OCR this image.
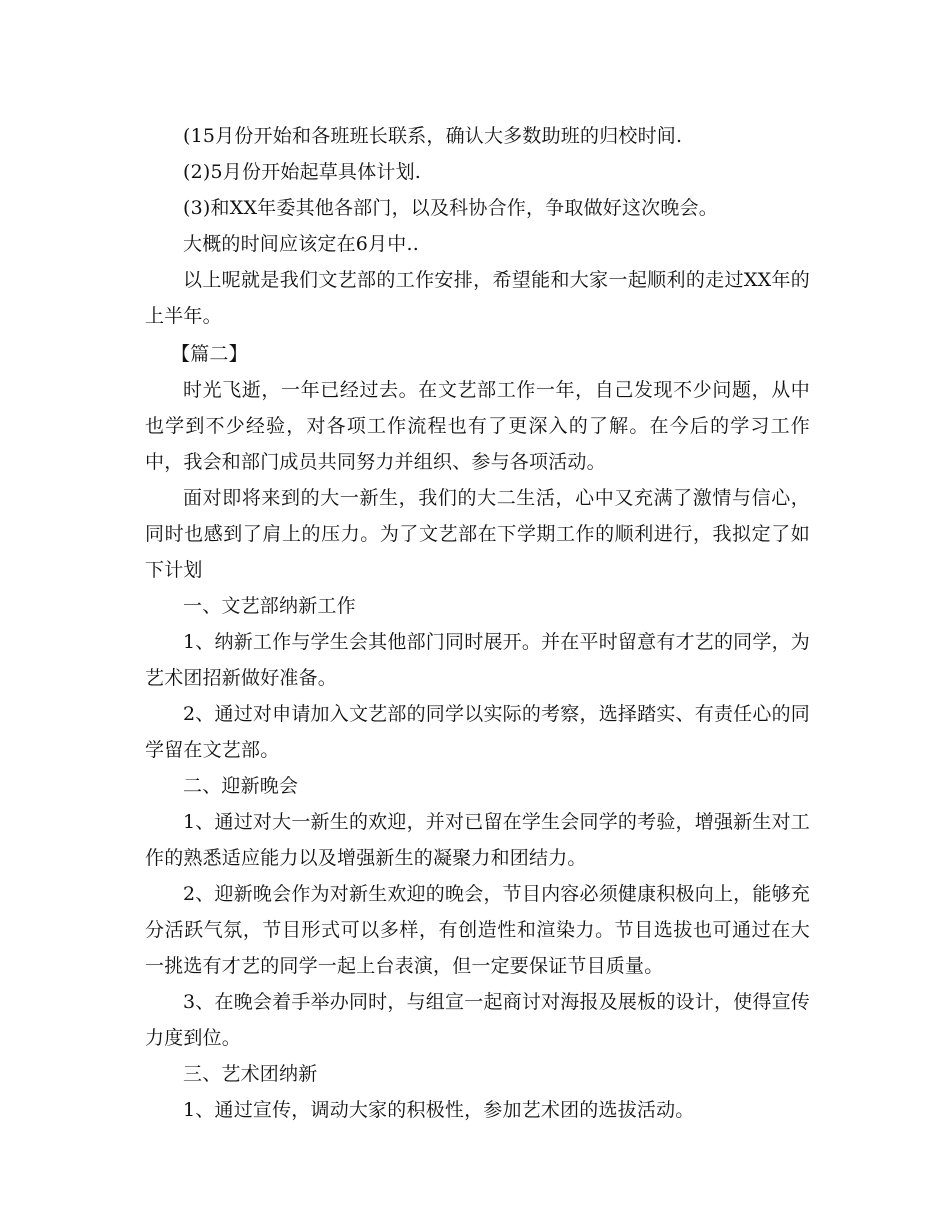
(15月份开始和各班班长联系，确认大多数助班的归校时间.

(2)5月份开始起草具体计划.

(3)和XX年委其他各部门，以及科协合作，争取做好这次晚会。

大概的时间应该定在6月中..

以上呢就是我们文艺部的工作安排，希望能和大家一起顺利的走过XX年的上半年。

【篇二】

时光飞逝，一年已经过去。在文艺部工作一年，自己发现不少问题，从中也学到不少经验，对各项工作流程也有了更深入的了解。在今后的学习工作中，我会和部门成员共同努力并组织、参与各项活动。

面对即将来到的大一新生，我们的大二生活，心中又充满了激情与信心，同时也感到了肩上的压力。为了文艺部在下学期工作的顺利进行，我拟定了如下计划

一、文艺部纳新工作

1、纳新工作与学生会其他部门同时展开。并在平时留意有才艺的同学，为艺术团招新做好准备。

2、通过对申请加入文艺部的同学以实际的考察，选择踏实、有责任心的同学留在文艺部。

二、迎新晚会

1、通过对大一新生的欢迎，并对已留在学生会同学的考验，增强新生对工作的熟悉适应能力以及增强新生的凝聚力和团结力。

2、迎新晚会作为对新生欢迎的晚会，节目内容必须健康积极向上，能够充分活跃气氛，节目形式可以多样，有创造性和渲染力。节目选拔也可通过在大一挑选有才艺的同学一起上台表演，但一定要保证节目质量。

3、在晚会着手举办同时，与组宣一起商讨对海报及展板的设计，使得宣传力度到位。

三、艺术团纳新

1、通过宣传，调动大家的积极性，参加艺术团的选拔活动。
